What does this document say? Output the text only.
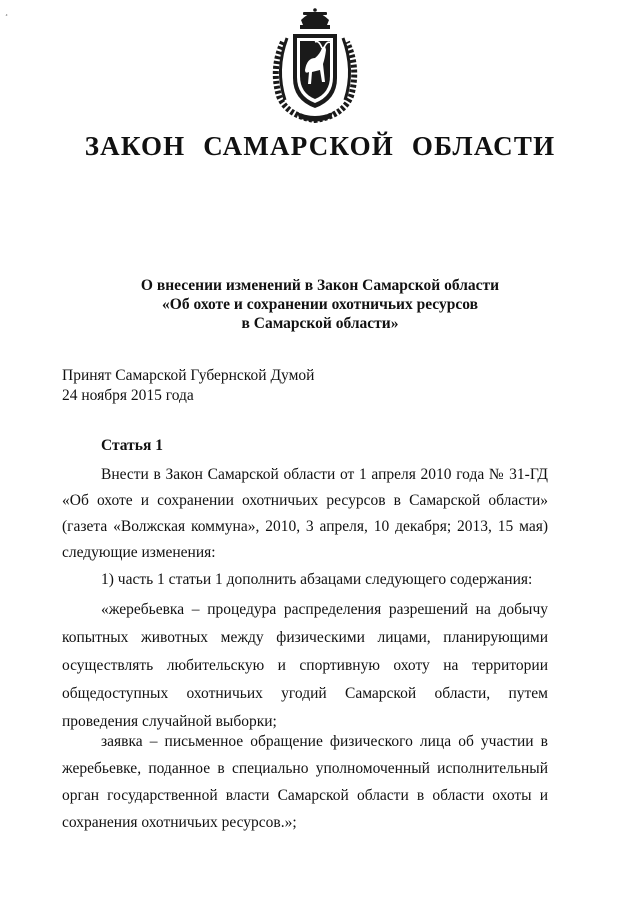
¸
ЗАКОН САМАРСКОЙ ОБЛАСТИ
О внесении изменений в Закон Самарской области
«Об охоте и сохранении охотничьих ресурсов
в Самарской области»
Принят Самарской Губернской Думой
24 ноября 2015 года
Статья 1
Внести в Закон Самарской области от 1 апреля 2010 года № 31-ГД «Об охоте и сохранении охотничьих ресурсов в Самарской области» (газета «Волжская коммуна», 2010, 3 апреля, 10 декабря; 2013, 15 мая) следующие изменения:
1) часть 1 статьи 1 дополнить абзацами следующего содержания:
«жеребьевка – процедура распределения разрешений на добычу копытных животных между физическими лицами, планирующими осуществлять любительскую и спортивную охоту на территории общедоступных охотничьих угодий Самарской области, путем проведения случайной выборки;
заявка – письменное обращение физического лица об участии в жеребьевке, поданное в специально уполномоченный исполнительный орган государственной власти Самарской области в области охоты и сохранения охотничьих ресурсов.»;
